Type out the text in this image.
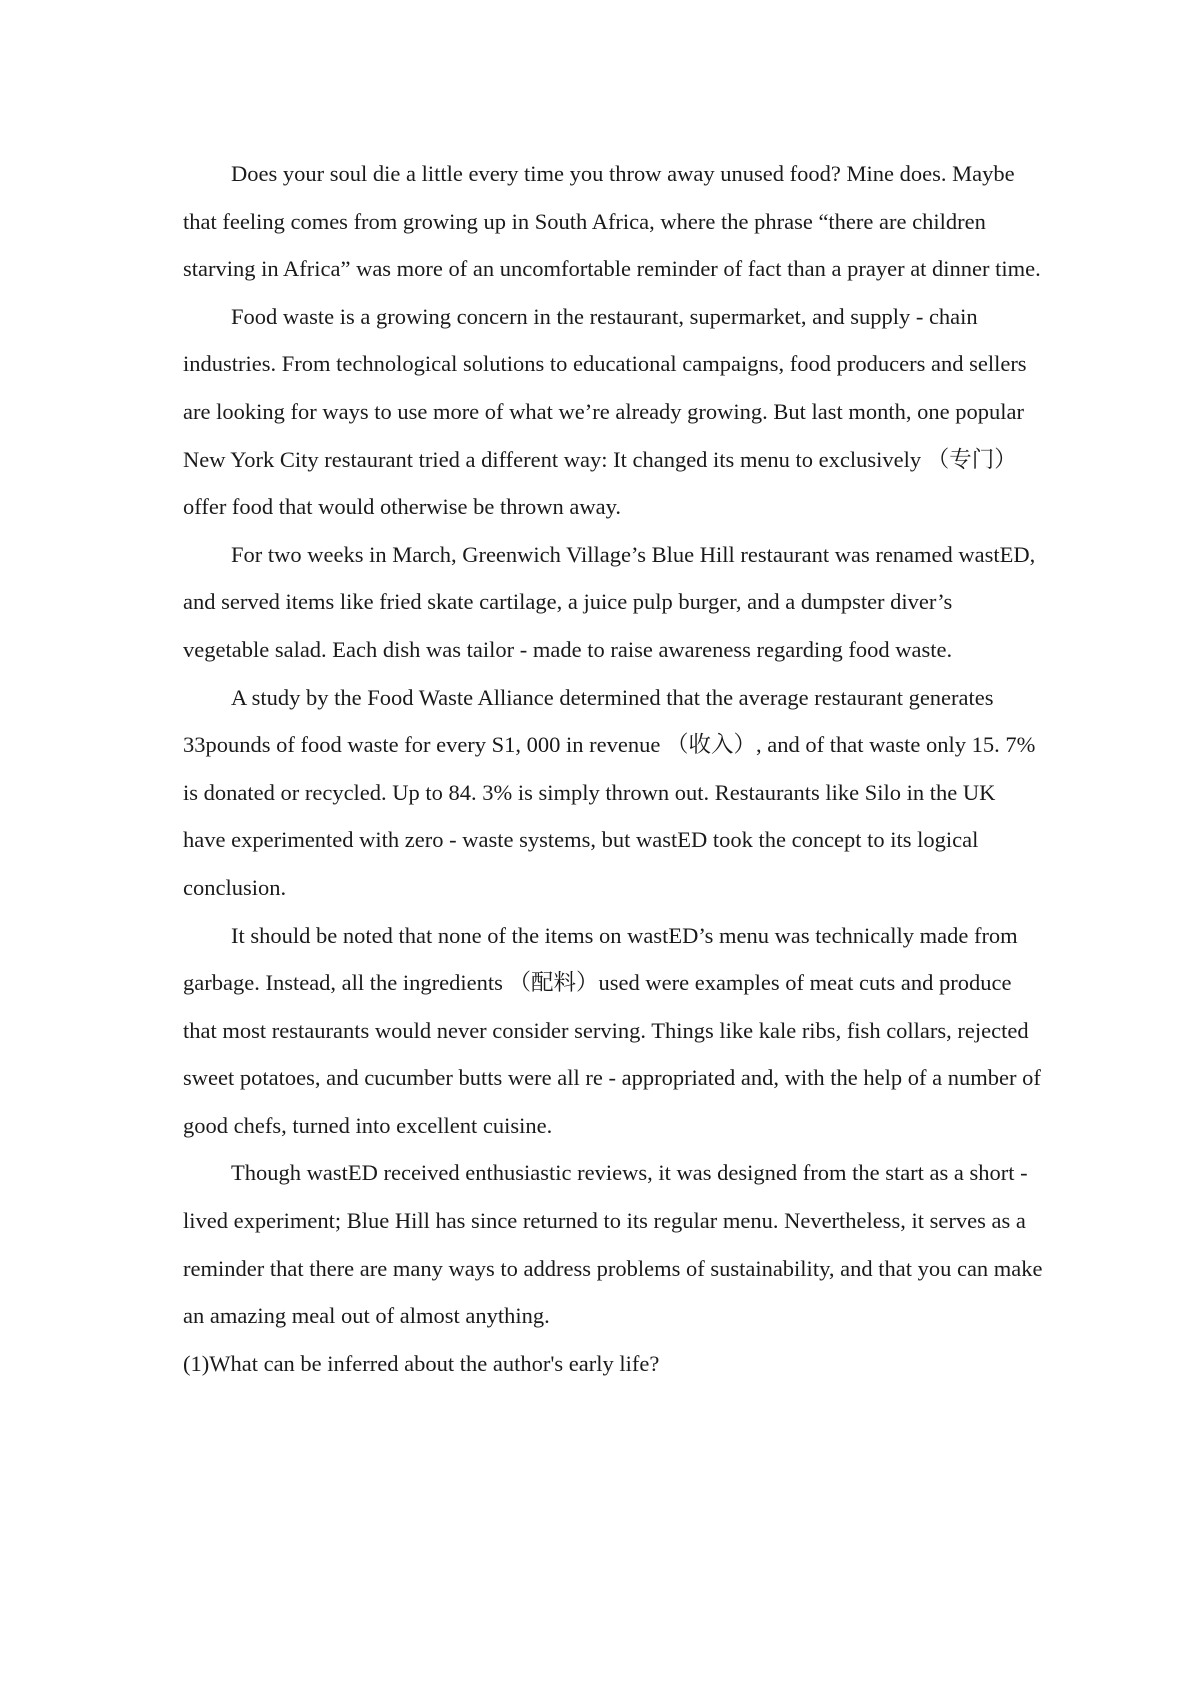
Does your soul die a little every time you throw away unused food? Mine does. Maybe that feeling comes from growing up in South Africa, where the phrase “there are children starving in Africa” was more of an uncomfortable reminder of fact than a prayer at dinner time.

Food waste is a growing concern in the restaurant, supermarket, and supply - chain industries. From technological solutions to educational campaigns, food producers and sellers are looking for ways to use more of what we’re already growing. But last month, one popular New York City restaurant tried a different way: It changed its menu to exclusively （专门）offer food that would otherwise be thrown away.

For two weeks in March, Greenwich Village’s Blue Hill restaurant was renamed wastED, and served items like fried skate cartilage, a juice pulp burger, and a dumpster diver’s vegetable salad. Each dish was tailor - made to raise awareness regarding food waste.

A study by the Food Waste Alliance determined that the average restaurant generates 33pounds of food waste for every S1, 000 in revenue （收入）, and of that waste only 15. 7% is donated or recycled. Up to 84. 3% is simply thrown out. Restaurants like Silo in the UK have experimented with zero - waste systems, but wastED took the concept to its logical conclusion.

It should be noted that none of the items on wastED’s menu was technically made from garbage. Instead, all the ingredients （配料）used were examples of meat cuts and produce that most restaurants would never consider serving. Things like kale ribs, fish collars, rejected sweet potatoes, and cucumber butts were all re - appropriated and, with the help of a number of good chefs, turned into excellent cuisine.

Though wastED received enthusiastic reviews, it was designed from the start as a short - lived experiment; Blue Hill has since returned to its regular menu. Nevertheless, it serves as a reminder that there are many ways to address problems of sustainability, and that you can make an amazing meal out of almost anything.

(1)What can be inferred about the author's early life?
